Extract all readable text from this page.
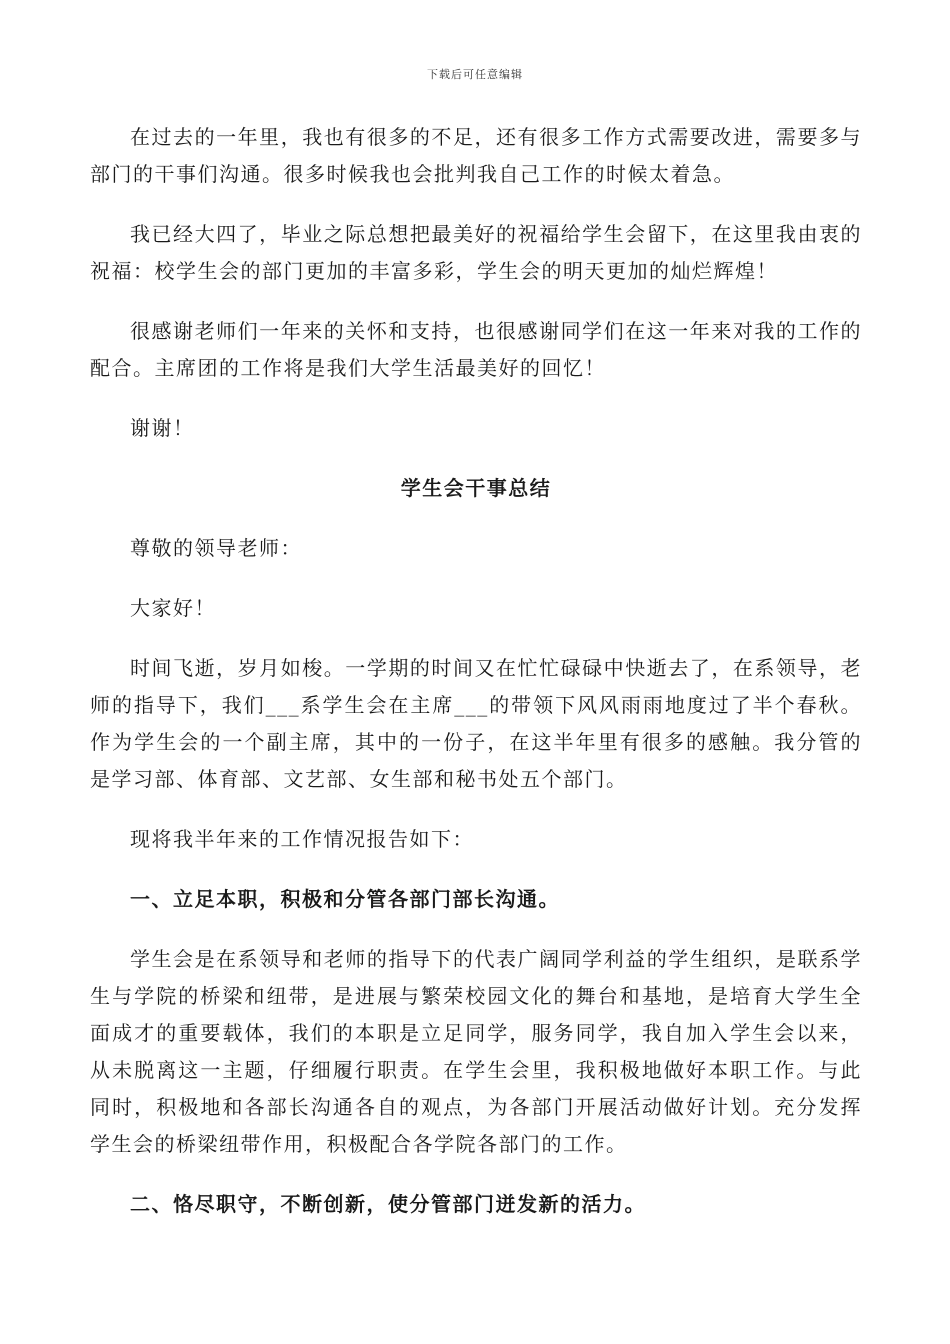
下载后可任意编辑

在过去的一年里，我也有很多的不足，还有很多工作方式需要改进，需要多与部门的干事们沟通。很多时候我也会批判我自己工作的时候太着急。

我已经大四了，毕业之际总想把最美好的祝福给学生会留下，在这里我由衷的祝福：校学生会的部门更加的丰富多彩，学生会的明天更加的灿烂辉煌！

很感谢老师们一年来的关怀和支持，也很感谢同学们在这一年来对我的工作的配合。主席团的工作将是我们大学生活最美好的回忆！

谢谢！

学生会干事总结

尊敬的领导老师：

大家好！

时间飞逝，岁月如梭。一学期的时间又在忙忙碌碌中快逝去了，在系领导，老师的指导下，我们___系学生会在主席___的带领下风风雨雨地度过了半个春秋。作为学生会的一个副主席，其中的一份子，在这半年里有很多的感触。我分管的是学习部、体育部、文艺部、女生部和秘书处五个部门。

现将我半年来的工作情况报告如下：

一、立足本职，积极和分管各部门部长沟通。

学生会是在系领导和老师的指导下的代表广阔同学利益的学生组织，是联系学生与学院的桥梁和纽带，是进展与繁荣校园文化的舞台和基地，是培育大学生全面成才的重要载体，我们的本职是立足同学，服务同学，我自加入学生会以来，从未脱离这一主题，仔细履行职责。在学生会里，我积极地做好本职工作。与此同时，积极地和各部长沟通各自的观点，为各部门开展活动做好计划。充分发挥学生会的桥梁纽带作用，积极配合各学院各部门的工作。

二、恪尽职守，不断创新，使分管部门迸发新的活力。
